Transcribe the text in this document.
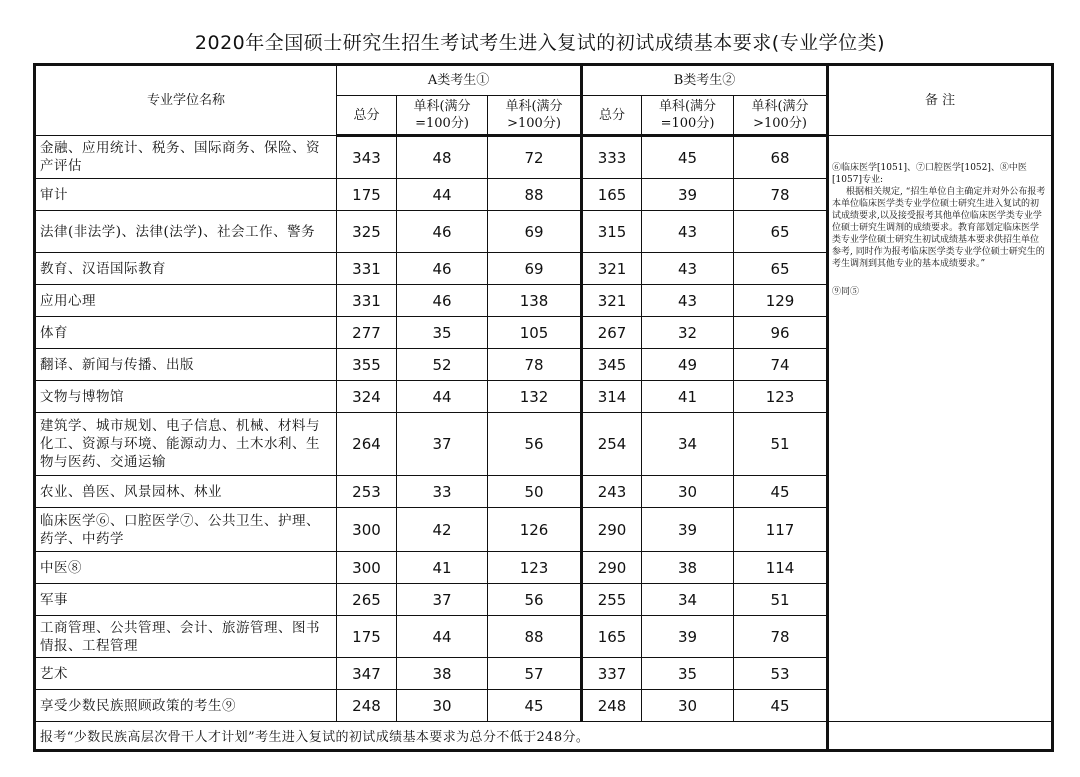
2020年全国硕士研究生招生考试考生进入复试的初试成绩基本要求(专业学位类)
专业学位名称	A类考生①			B类考生②			备 注
	总分	单科(满分=100分)	单科(满分>100分)	总分	单科(满分=100分)	单科(满分>100分)	
金融、应用统计、税务、国际商务、保险、资产评估	343	48	72	333	45	68	⑥临床医学[1051]、⑦口腔医学[1052]、⑧中医[1057]专业:
根据相关规定, “招生单位自主确定并对外公布报考本单位临床医学类专业学位硕士研究生进入复试的初试成绩要求,以及接受报考其他单位临床医学类专业学位硕士研究生调剂的成绩要求。教育部划定临床医学类专业学位硕士研究生初试成绩基本要求供招生单位参考, 同时作为报考临床医学类专业学位硕士研究生的考生调剂到其他专业的基本成绩要求。”
⑨同⑤

审计	175	44	88	165	39	78	
法律(非法学)、法律(法学)、社会工作、警务	325	46	69	315	43	65	
教育、汉语国际教育	331	46	69	321	43	65	
应用心理	331	46	138	321	43	129	
体育	277	35	105	267	32	96	
翻译、新闻与传播、出版	355	52	78	345	49	74	
文物与博物馆	324	44	132	314	41	123	
建筑学、城市规划、电子信息、机械、材料与化工、资源与环境、能源动力、土木水利、生物与医药、交通运输	264	37	56	254	34	51	
农业、兽医、风景园林、林业	253	33	50	243	30	45	
临床医学⑥、口腔医学⑦、公共卫生、护理、药学、中药学	300	42	126	290	39	117	
中医⑧	300	41	123	290	38	114	
军事	265	37	56	255	34	51	
工商管理、公共管理、会计、旅游管理、图书情报、工程管理	175	44	88	165	39	78	
艺术	347	38	57	337	35	53	
享受少数民族照顾政策的考生⑨	248	30	45	248	30	45	
报考“少数民族高层次骨干人才计划”考生进入复试的初试成绩基本要求为总分不低于248分。							
